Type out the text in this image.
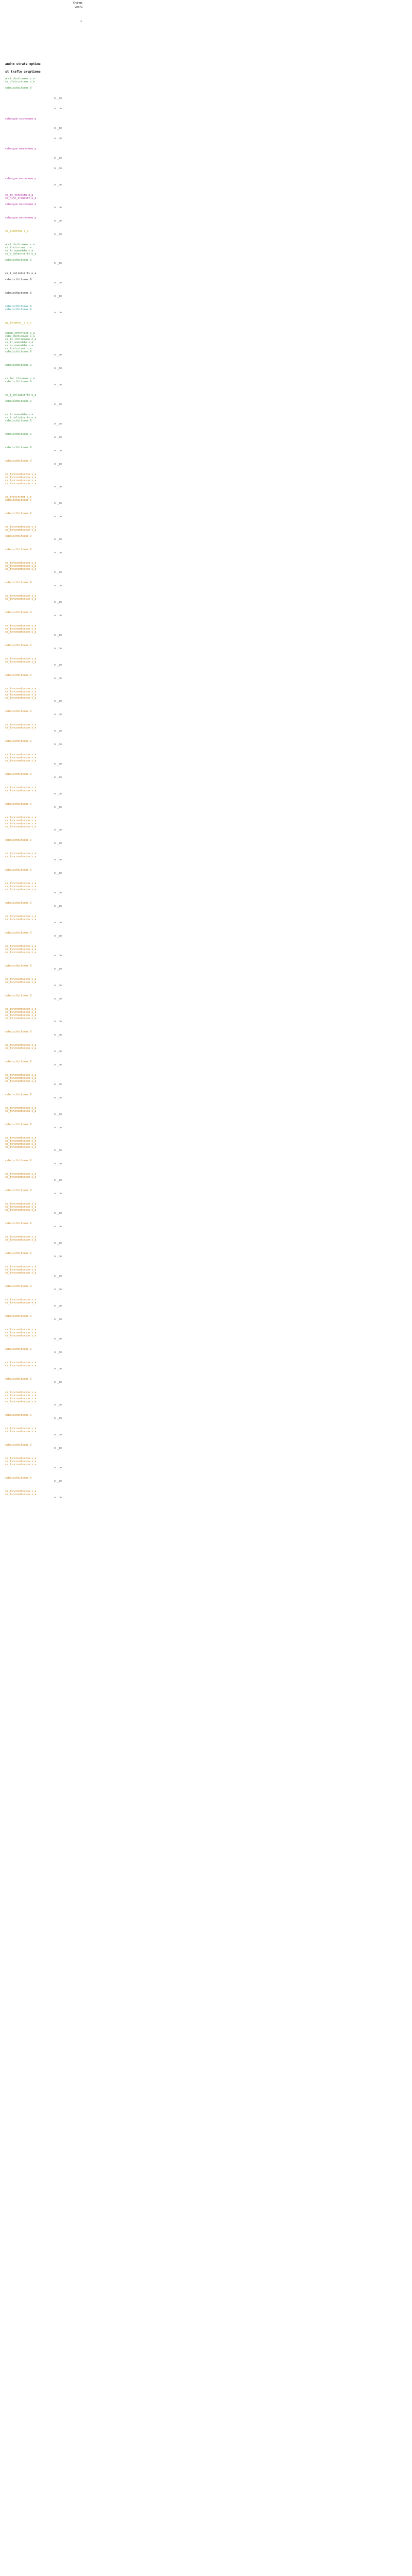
Change
Ceoru
•
and-m strate optime
st trafle aruptione
anct_cbotioowee s_a
ce_cletrcsrtrer o_e

cabsicctbitssoe 9
o _ce
o _ce
cabssgsm cosnedeee p

o _ce
o _ce
cabssgsm esnnedeee p

o _ce
o _ce
cabssgsm escnedeee p

o _ce
cs_ts_terelsrn o_a
cs_hinc_irsnesrt o_a

cabssgsm escnedeee p
o _ce
cabssgsm escnedeee p
o _ce
cs_ciontnoe s_a
o _ce
anct_cbotioowee s_a
ce_tretsrtrer o_e
cs_tr_enensbfn s_a
cs_a_cnlmcnsrrts o_a

cabsicctbitssoe 9
o _ce
ce_i_cnlinisrrts o_a

cabsicctbitssoe 9
o _ce
cabsicctbitssoe 9
o _ce
cabsicctbitssoe 9
cabsicctbitssoe 9
o _ce
ag_tsnaesn__c a_c
cabsn_ctns=tsst o_a
cabs_cbotioowee s_a
cs_is_itbtresnsn o_a
cs_tr_enensbfn s_a
cs_rs_enensbfn s_a
ce_tretsrtrer o_e
cabsicctbitssoe 9
o _ce
cabsicctbitssoe 9
o _ce
cs_inc_ttsnasoe s_a
cabsicctbitssoe 9
o _ce
cs_t_cnlinisrrts o_a

cabsicctbitssoe 9
o _ce
cs_tr_enensbfn s_a
cs_t_cnlinisrrts o_a
cabsicctbitssoe 9
o _ce
cabsicctbitssoe 9
o _ce
cabsicctbitssoe 9
o _ce
cabsicctbitssoe 9
o _ce
cs_tsncnsntsssoe s_a
cs_tsncnsntsssoe s_a
cs_tsncnsntsssoe s_a
cs_tsncnsntsssoe s_a
o _ce
ce_tretsrtrer o_e
cabsicctbitssoe 9
o _ce
cabsicctbitssoe 9
o _ce
cs_tsncnsntsssoe s_a
cs_tsncnsntsssoe s_a

cabsicctbitssoe 9
o _ce
cabsicctbitssoe 9
o _ce
cs_tsncnsntsssoe s_a
cs_tsncnsntsssoe s_a
cs_tsncnsntsssoe s_a
o _ce
cabsicctbitssoe 9
o _ce
cs_tsncnsntsssoe s_a
cs_tsncnsntsssoe s_a
o _ce
cabsicctbitssoe 9
o _ce
cs_tsncnsntsssoe s_a
cs_tsncnsntsssoe s_a
cs_tsncnsntsssoe s_a
o _ce
cabsicctbitssoe 9
o _ce
cs_tsncnsntsssoe s_a
cs_tsncnsntsssoe s_a
o _ce
cabsicctbitssoe 9
o _ce
cs_tsncnsntsssoe s_a
cs_tsncnsntsssoe s_a
cs_tsncnsntsssoe s_a
cs_tsncnsntsssoe s_a
o _ce
cabsicctbitssoe 9
o _ce
cs_tsncnsntsssoe s_a
cs_tsncnsntsssoe s_a
o _ce
cabsicctbitssoe 9
o _ce
cs_tsncnsntsssoe s_a
cs_tsncnsntsssoe s_a
cs_tsncnsntsssoe s_a
o _ce
cabsicctbitssoe 9
o _ce
cs_tsncnsntsssoe s_a
cs_tsncnsntsssoe s_a
o _ce
cabsicctbitssoe 9
o _ce
cs_tsncnsntsssoe s_a
cs_tsncnsntsssoe s_a
cs_tsncnsntsssoe s_a
cs_tsncnsntsssoe s_a
o _ce
cabsicctbitssoe 9
o _ce
cs_tsncnsntsssoe s_a
cs_tsncnsntsssoe s_a
o _ce
cabsicctbitssoe 9
o _ce
cs_tsncnsntsssoe s_a
cs_tsncnsntsssoe s_a
cs_tsncnsntsssoe s_a
o _ce
cabsicctbitssoe 9
o _ce
cs_tsncnsntsssoe s_a
cs_tsncnsntsssoe s_a
o _ce
cabsicctbitssoe 9
o _ce
cs_tsncnsntsssoe s_a
cs_tsncnsntsssoe s_a
cs_tsncnsntsssoe s_a
o _ce
cabsicctbitssoe 9
o _ce
cs_tsncnsntsssoe s_a
cs_tsncnsntsssoe s_a
o _ce
cabsicctbitssoe 9
o _ce
cs_tsncnsntsssoe s_a
cs_tsncnsntsssoe s_a
cs_tsncnsntsssoe s_a
cs_tsncnsntsssoe s_a
o _ce
cabsicctbitssoe 9
o _ce
cs_tsncnsntsssoe s_a
cs_tsncnsntsssoe s_a
o _ce
cabsicctbitssoe 9
o _ce
cs_tsncnsntsssoe s_a
cs_tsncnsntsssoe s_a
cs_tsncnsntsssoe s_a
o _ce
cabsicctbitssoe 9
o _ce
cs_tsncnsntsssoe s_a
cs_tsncnsntsssoe s_a
o _ce
cabsicctbitssoe 9
o _ce
cs_tsncnsntsssoe s_a
cs_tsncnsntsssoe s_a
cs_tsncnsntsssoe s_a
cs_tsncnsntsssoe s_a
o _ce
cabsicctbitssoe 9
o _ce
cs_tsncnsntsssoe s_a
cs_tsncnsntsssoe s_a
o _ce
cabsicctbitssoe 9
o _ce
cs_tsncnsntsssoe s_a
cs_tsncnsntsssoe s_a
cs_tsncnsntsssoe s_a
o _ce
cabsicctbitssoe 9
o _ce
cs_tsncnsntsssoe s_a
cs_tsncnsntsssoe s_a
o _ce
cabsicctbitssoe 9
o _ce
cs_tsncnsntsssoe s_a
cs_tsncnsntsssoe s_a
cs_tsncnsntsssoe s_a
o _ce
cabsicctbitssoe 9
o _ce
cs_tsncnsntsssoe s_a
cs_tsncnsntsssoe s_a
o _ce
cabsicctbitssoe 9
o _ce
cs_tsncnsntsssoe s_a
cs_tsncnsntsssoe s_a
cs_tsncnsntsssoe s_a
o _ce
cabsicctbitssoe 9
o _ce
cs_tsncnsntsssoe s_a
cs_tsncnsntsssoe s_a
o _ce
cabsicctbitssoe 9
o _ce
cs_tsncnsntsssoe s_a
cs_tsncnsntsssoe s_a
cs_tsncnsntsssoe s_a
cs_tsncnsntsssoe s_a
o _ce
cabsicctbitssoe 9
o _ce
cs_tsncnsntsssoe s_a
cs_tsncnsntsssoe s_a
o _ce
cabsicctbitssoe 9
o _ce
cs_tsncnsntsssoe s_a
cs_tsncnsntsssoe s_a
cs_tsncnsntsssoe s_a
o _ce
cabsicctbitssoe 9
o _ce
cs_tsncnsntsssoe s_a
cs_tsncnsntsssoe s_a
o _ce
